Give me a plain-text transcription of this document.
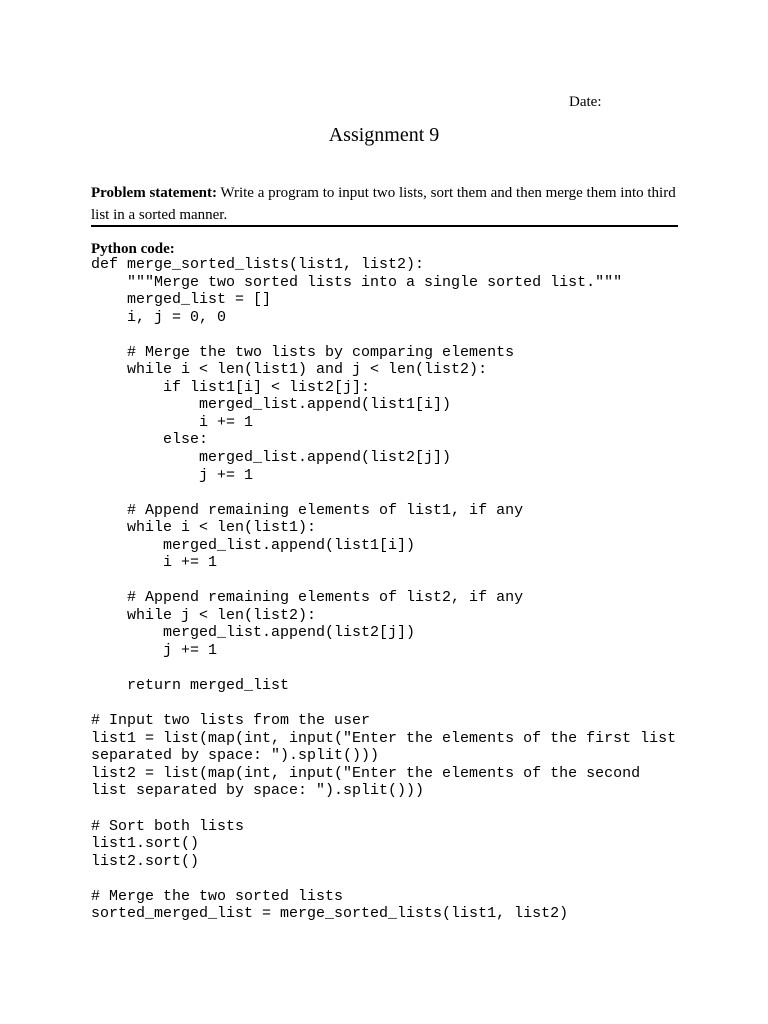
Date:
Assignment 9
Problem statement: Write a program to input two lists, sort them and then merge them into third list in a sorted manner.
Python code:
def merge_sorted_lists(list1, list2):
"""Merge two sorted lists into a single sorted list."""
merged_list = []
i, j = 0, 0

# Merge the two lists by comparing elements
while i < len(list1) and j < len(list2):
if list1[i] < list2[j]:
merged_list.append(list1[i])
i += 1
else:
merged_list.append(list2[j])
j += 1

# Append remaining elements of list1, if any
while i < len(list1):
merged_list.append(list1[i])
i += 1

# Append remaining elements of list2, if any
while j < len(list2):
merged_list.append(list2[j])
j += 1

return merged_list

# Input two lists from the user
list1 = list(map(int, input("Enter the elements of the first list
separated by space: ").split()))
list2 = list(map(int, input("Enter the elements of the second
list separated by space: ").split()))

# Sort both lists
list1.sort()
list2.sort()

# Merge the two sorted lists
sorted_merged_list = merge_sorted_lists(list1, list2)
